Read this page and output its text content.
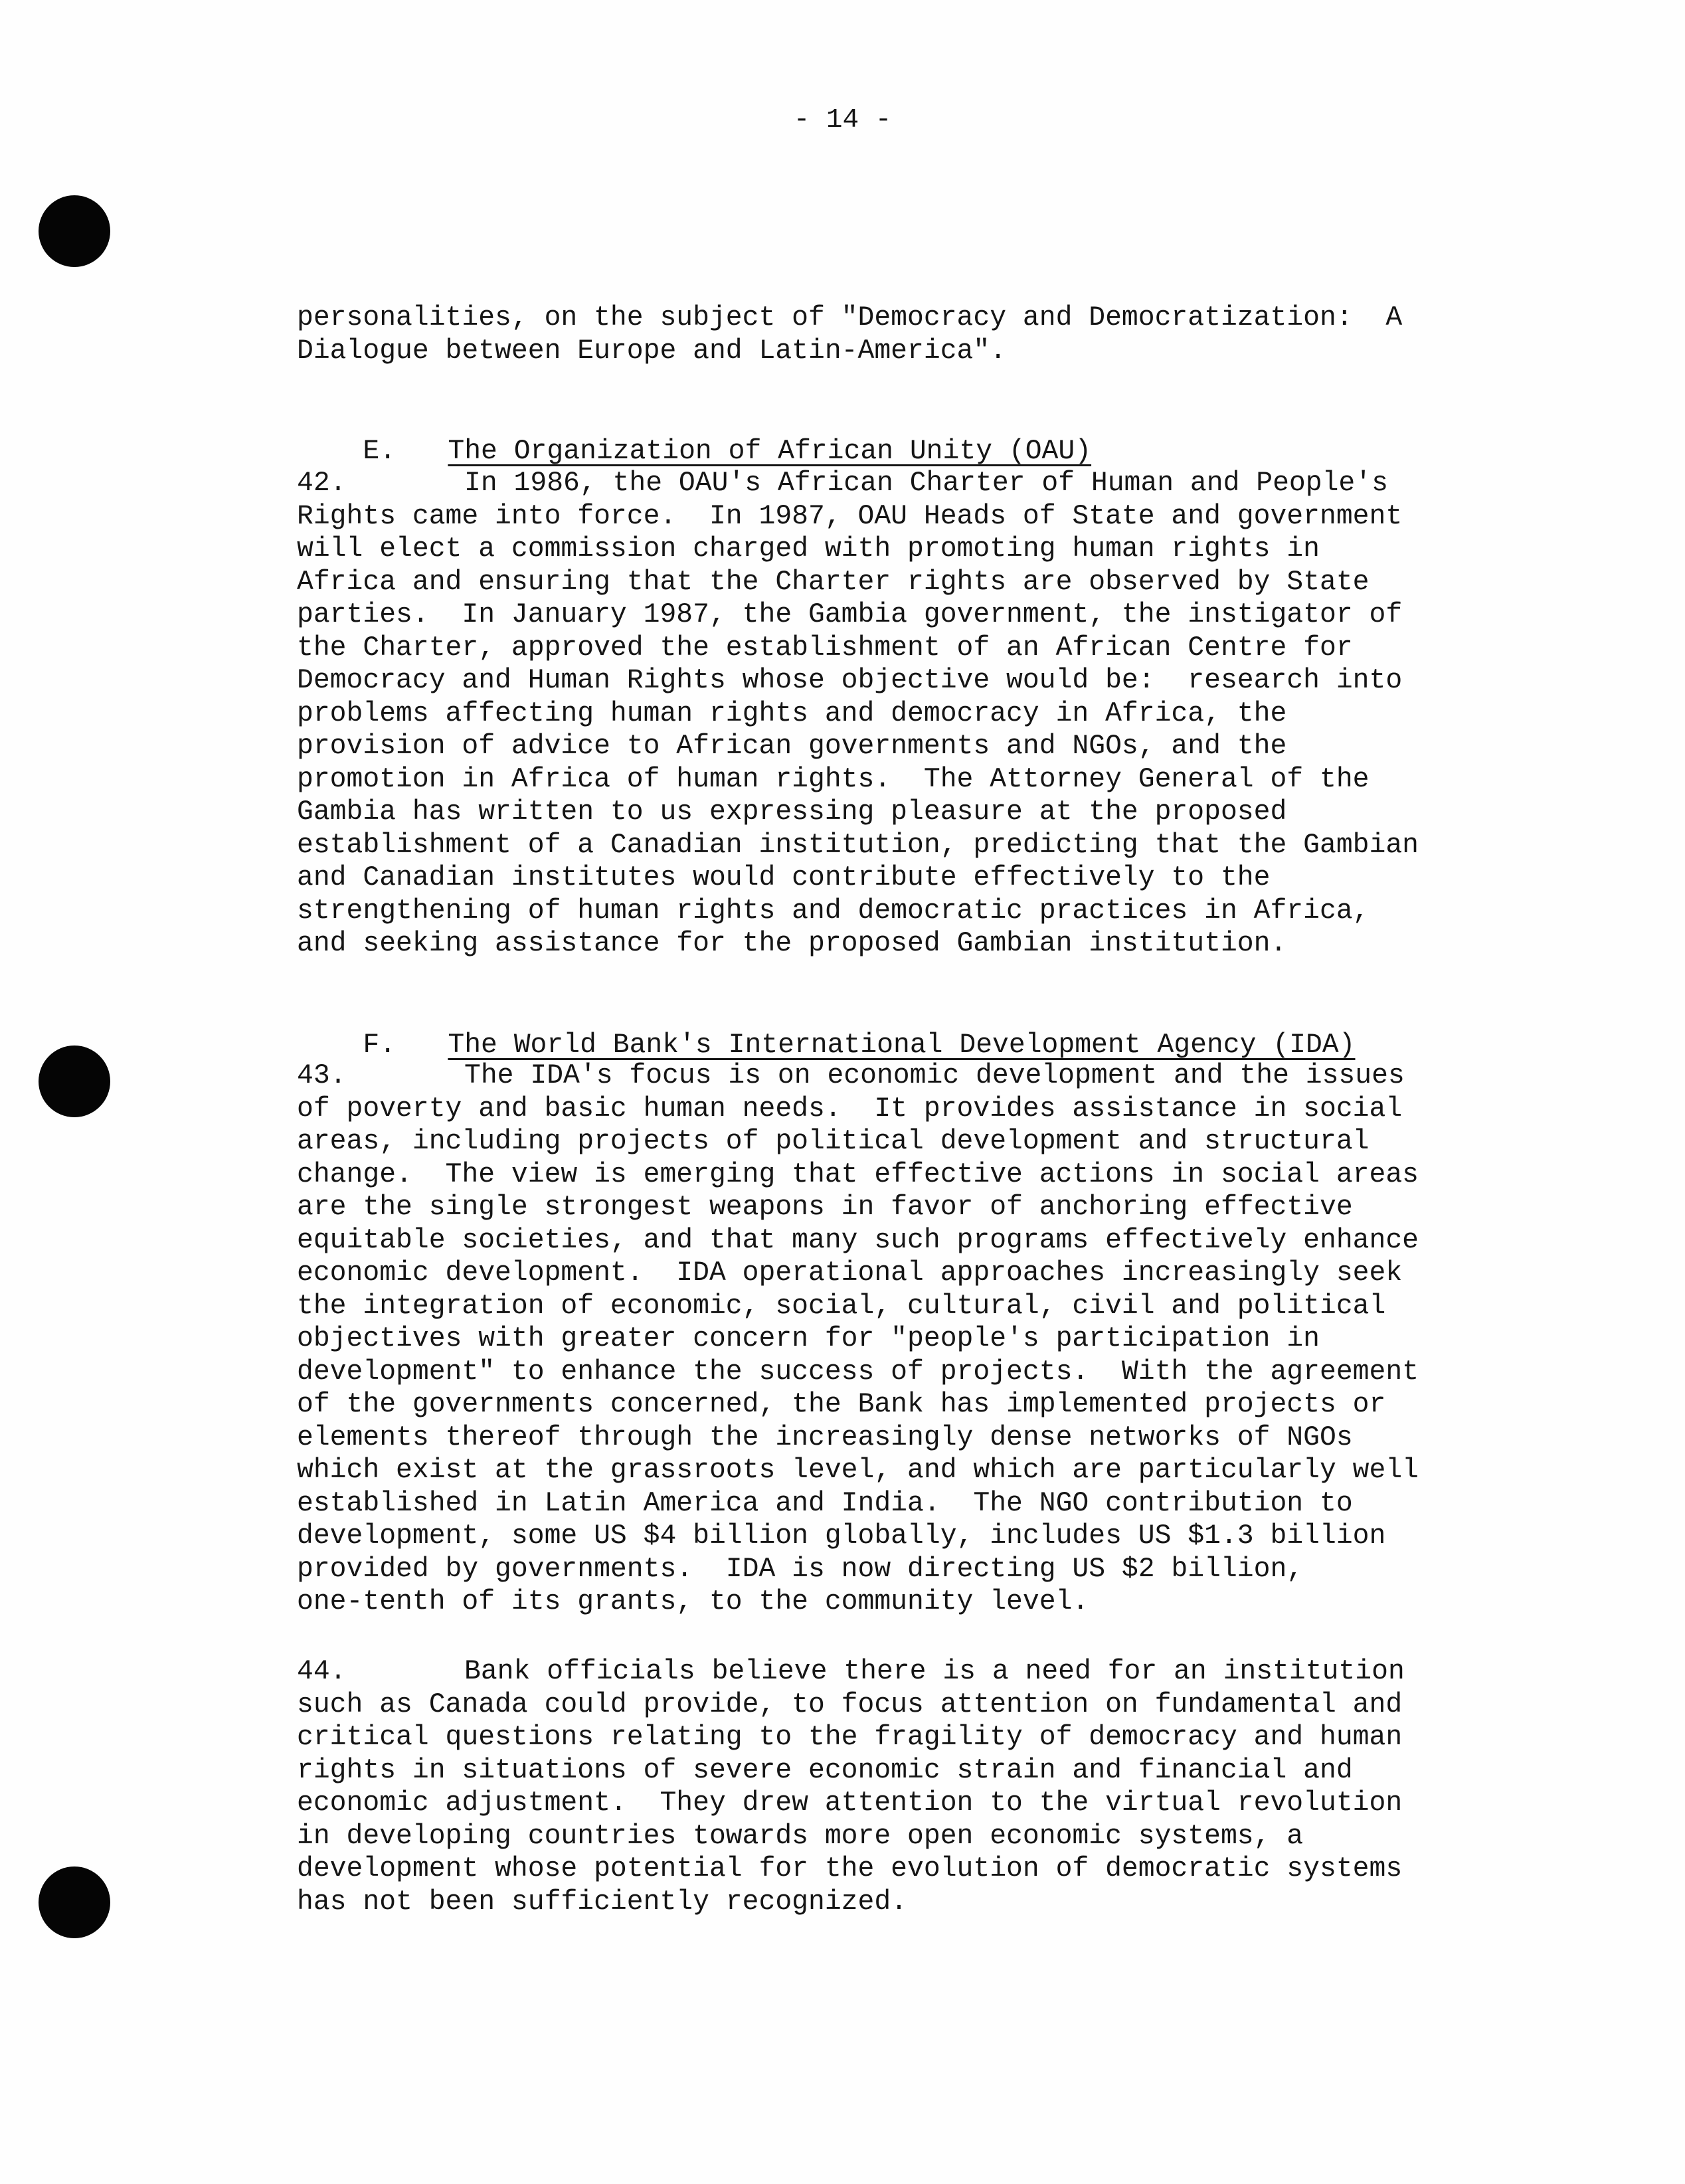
- 14 -
personalities, on the subject of "Democracy and Democratization:  A
Dialogue between Europe and Latin-America".

E. The Organization of African Unity (OAU)

42.	In 1986, the OAU's African Charter of Human and People's
Rights came into force.  In 1987, OAU Heads of State and government
will elect a commission charged with promoting human rights in
Africa and ensuring that the Charter rights are observed by State
parties.  In January 1987, the Gambia government, the instigator of
the Charter, approved the establishment of an African Centre for
Democracy and Human Rights whose objective would be:  research into
problems affecting human rights and democracy in Africa, the
provision of advice to African governments and NGOs, and the
promotion in Africa of human rights.  The Attorney General of the
Gambia has written to us expressing pleasure at the proposed
establishment of a Canadian institution, predicting that the Gambian
and Canadian institutes would contribute effectively to the
strengthening of human rights and democratic practices in Africa,
and seeking assistance for the proposed Gambian institution.

F. The World Bank's International Development Agency (IDA)

43.	The IDA's focus is on economic development and the issues
of poverty and basic human needs.  It provides assistance in social
areas, including projects of political development and structural
change.  The view is emerging that effective actions in social areas
are the single strongest weapons in favor of anchoring effective
equitable societies, and that many such programs effectively enhance
economic development.  IDA operational approaches increasingly seek
the integration of economic, social, cultural, civil and political
objectives with greater concern for "people's participation in
development" to enhance the success of projects.  With the agreement
of the governments concerned, the Bank has implemented projects or
elements thereof through the increasingly dense networks of NGOs
which exist at the grassroots level, and which are particularly well
established in Latin America and India.  The NGO contribution to
development, some US $4 billion globally, includes US $1.3 billion
provided by governments.  IDA is now directing US $2 billion,
one-tenth of its grants, to the community level.
44.	Bank officials believe there is a need for an institution
such as Canada could provide, to focus attention on fundamental and
critical questions relating to the fragility of democracy and human
rights in situations of severe economic strain and financial and
economic adjustment.  They drew attention to the virtual revolution
in developing countries towards more open economic systems, a
development whose potential for the evolution of democratic systems
has not been sufficiently recognized.
